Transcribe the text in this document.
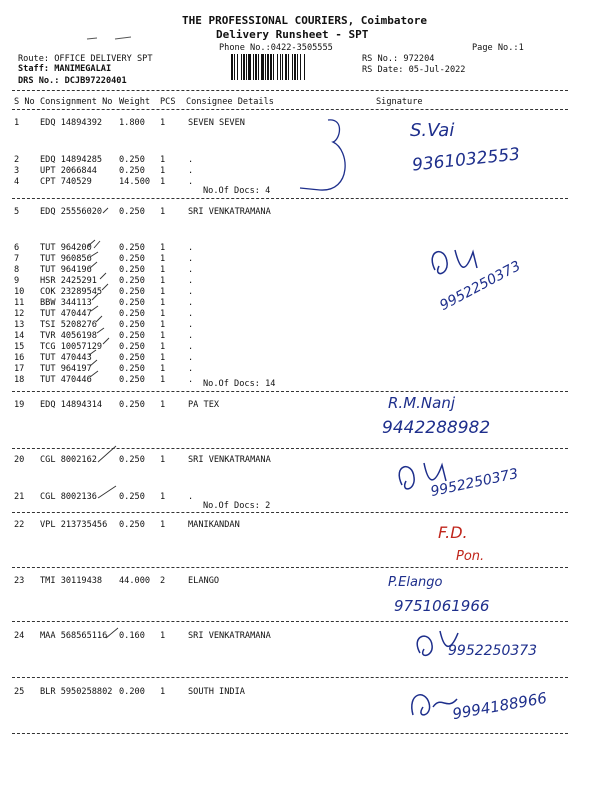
THE PROFESSIONAL COURIERS, Coimbatore
Delivery Runsheet - SPT
Phone No.:0422-3505555	Page No.:1
Route: OFFICE DELIVERY SPT
Staff: MANIMEGALAI
DRS No.: DCJB97220401
RS No.: 972204
RS Date: 05-Jul-2022
S No Consignment No Weight PCS Consignee Details	Signature
1 EDQ 14894392 1.800 1	SEVEN SEVEN
2 EDQ 14894285 0.250 1	.
3 UPT 2066844	0.250 1	.
4 CPT 740529	14.500 1	.
5 EDQ 25556020 0.250 1	SRI VENKATRAMANA
6 TUT 964200	0.250 1	.
7 TUT 960856	0.250 1	.
8 TUT 964196	0.250 1	.
9 HSR 2425291	0.250 1	.
10 COK 23289545 0.250 1	.
11 BBW 344113	0.250 1	.
12 TUT 470447	0.250 1	.
13 TSI 5208276	0.250 1	.
14 TVR 4056198	0.250 1	.
15 TCG 10057129 0.250 1	.
16 TUT 470443	0.250 1	.
17 TUT 964197	0.250 1	.
18 TUT 470446	0.250 1	.
19 EDQ 14894314 0.250 1	PA TEX
20 CGL 8002162	0.250 1	SRI VENKATRAMANA
21 CGL 8002136	0.250 1	.
22 VPL 213735456 0.250 1	MANIKANDAN
23 TMI 30119438 44.000 2	ELANGO
24 MAA 568565116 0.160 1	SRI VENKATRAMANA
25 BLR 5950258802 0.200 1	SOUTH INDIA
No.Of Docs: 4
No.Of Docs: 14
No.Of Docs: 2
S.Vai
9361032553
9952250373
R.M.Nanj
9442288982
9952250373
F.D.
Pon.
P.Elango
9751061966
9952250373
9994188966
